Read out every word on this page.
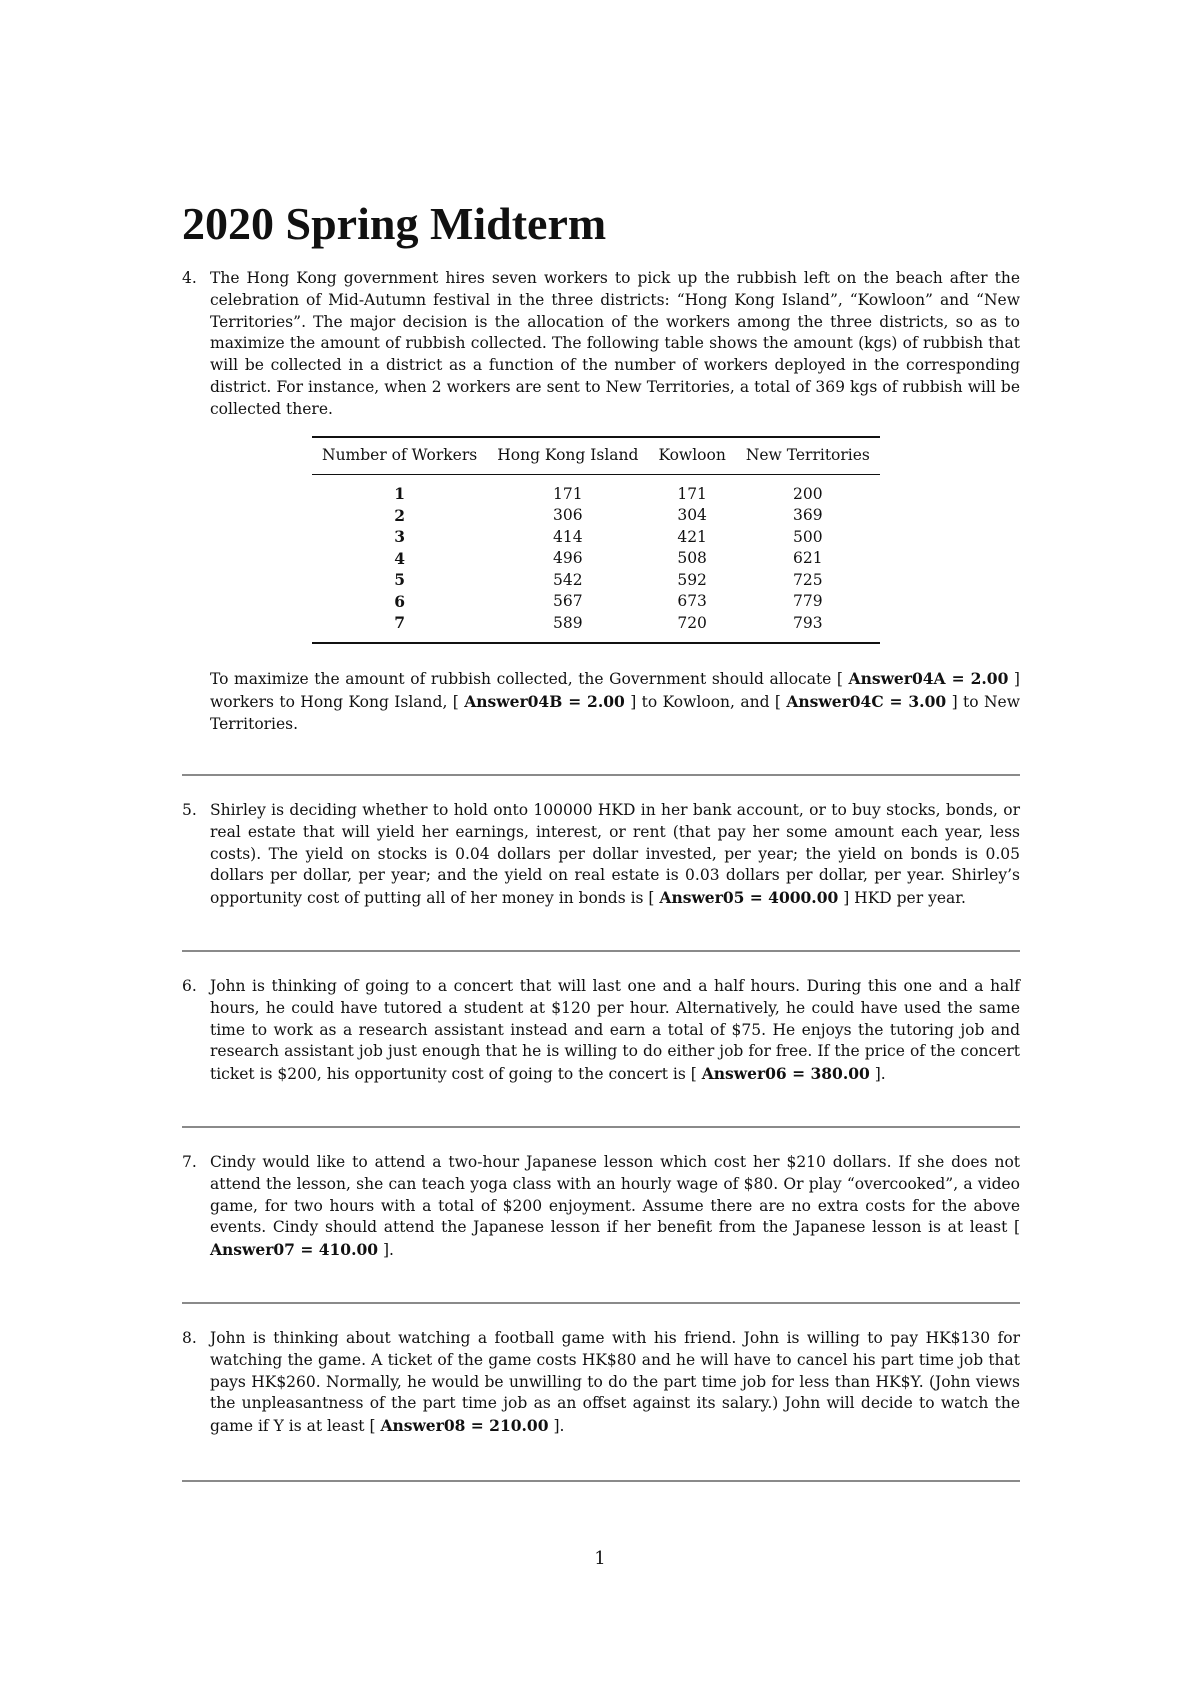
2020 Spring Midterm
4. The Hong Kong government hires seven workers to pick up the rubbish left on the beach after the celebration of Mid-Autumn festival in the three districts: “Hong Kong Island”, “Kowloon” and “New Territories”. The major decision is the allocation of the workers among the three districts, so as to maximize the amount of rubbish collected. The following table shows the amount (kgs) of rubbish that will be collected in a district as a function of the number of workers deployed in the corresponding district. For instance, when 2 workers are sent to New Territories, a total of 369 kgs of rubbish will be collected there.
Number of Workers	Hong Kong Island	Kowloon	New Territories
1	171	171	200
2	306	304	369
3	414	421	500
4	496	508	621
5	542	592	725
6	567	673	779
7	589	720	793
To maximize the amount of rubbish collected, the Government should allocate [ Answer04A = 2.00 ] workers to Hong Kong Island, [ Answer04B = 2.00 ] to Kowloon, and [ Answer04C = 3.00 ] to New Territories.
5. Shirley is deciding whether to hold onto 100000 HKD in her bank account, or to buy stocks, bonds, or real estate that will yield her earnings, interest, or rent (that pay her some amount each year, less costs). The yield on stocks is 0.04 dollars per dollar invested, per year; the yield on bonds is 0.05 dollars per dollar, per year; and the yield on real estate is 0.03 dollars per dollar, per year. Shirley’s opportunity cost of putting all of her money in bonds is [ Answer05 = 4000.00 ] HKD per year.
6. John is thinking of going to a concert that will last one and a half hours. During this one and a half hours, he could have tutored a student at $120 per hour. Alternatively, he could have used the same time to work as a research assistant instead and earn a total of $75. He enjoys the tutoring job and research assistant job just enough that he is willing to do either job for free. If the price of the concert ticket is $200, his opportunity cost of going to the concert is [ Answer06 = 380.00 ].
7. Cindy would like to attend a two-hour Japanese lesson which cost her $210 dollars. If she does not attend the lesson, she can teach yoga class with an hourly wage of $80. Or play “overcooked”, a video game, for two hours with a total of $200 enjoyment. Assume there are no extra costs for the above events. Cindy should attend the Japanese lesson if her benefit from the Japanese lesson is at least [ Answer07 = 410.00 ].
8. John is thinking about watching a football game with his friend. John is willing to pay HK$130 for watching the game. A ticket of the game costs HK$80 and he will have to cancel his part time job that pays HK$260. Normally, he would be unwilling to do the part time job for less than HK$Y. (John views the unpleasantness of the part time job as an offset against its salary.) John will decide to watch the game if Y is at least [ Answer08 = 210.00 ].
1
